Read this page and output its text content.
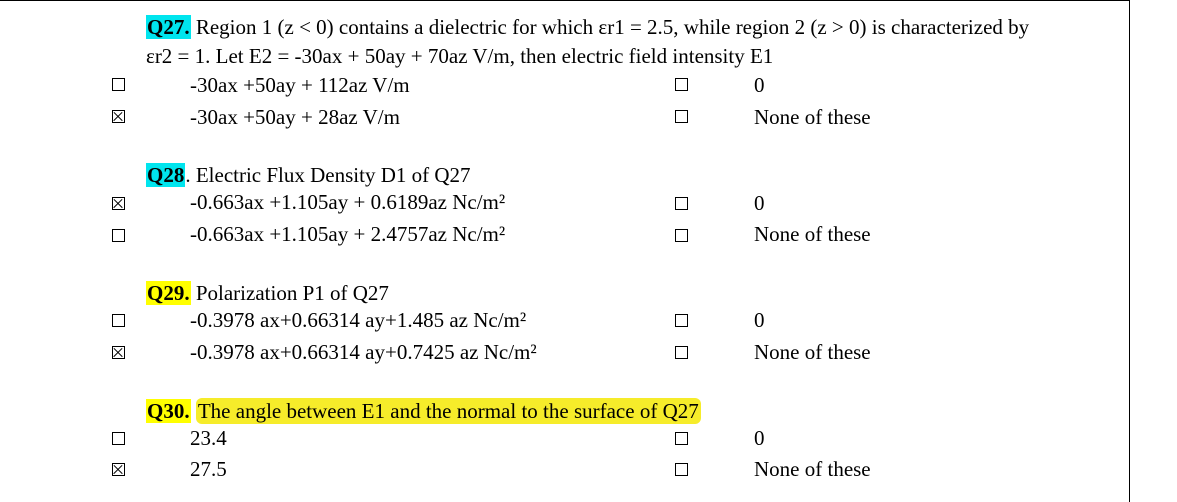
Q27. Region 1 (z < 0) contains a dielectric for which εr1 = 2.5, while region 2 (z > 0) is characterized by
εr2 = 1. Let E2 = -30ax + 50ay + 70az V/m, then electric field intensity E1
-30ax +50ay + 112az V/m	0
-30ax +50ay + 28az V/m	None of these
Q28. Electric Flux Density D1 of Q27
-0.663ax +1.105ay + 0.6189az Nc/m²	0
-0.663ax +1.105ay + 2.4757az Nc/m²	None of these
Q29. Polarization P1 of Q27
-0.3978 ax+0.66314 ay+1.485 az Nc/m²	0
-0.3978 ax+0.66314 ay+0.7425 az Nc/m²	None of these
Q30. The angle between E1 and the normal to the surface of Q27
23.4	0
27.5	None of these
